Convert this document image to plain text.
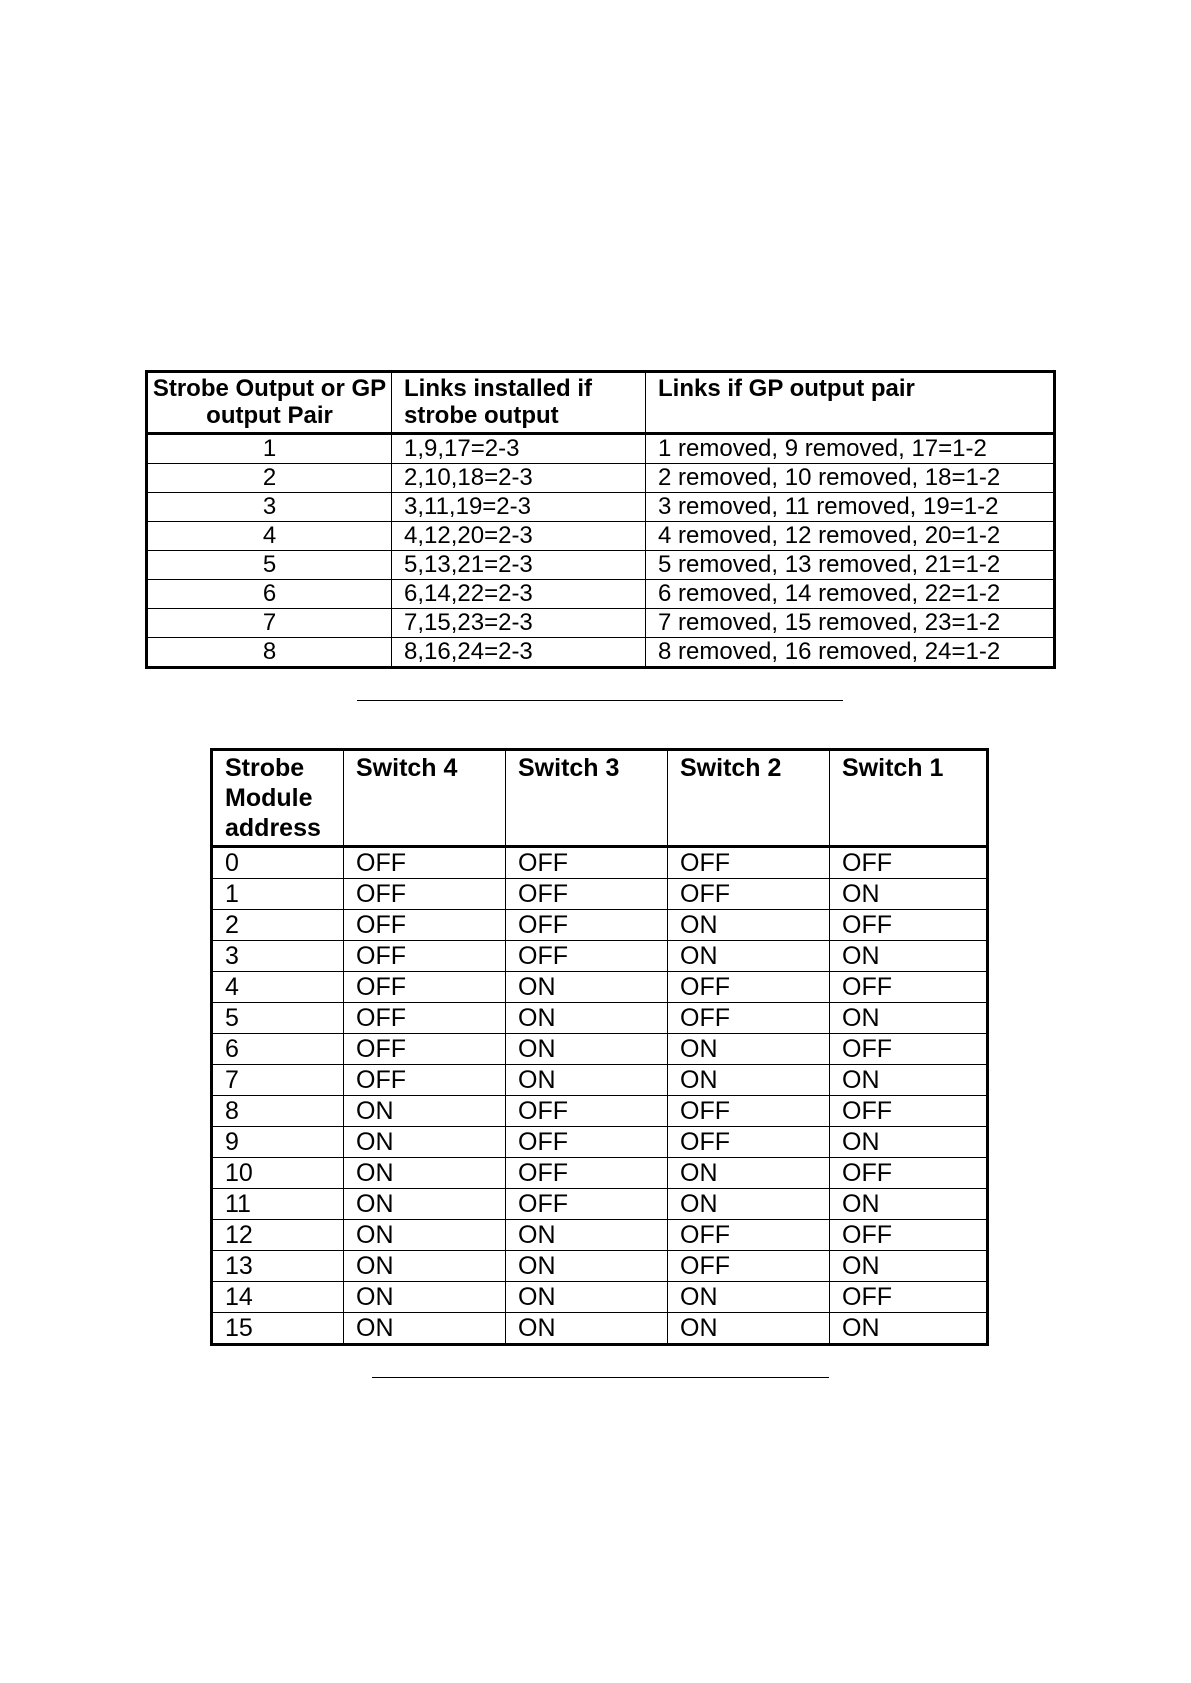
Strobe Output or GP output Pair	Links installed if strobe output	Links if GP output pair
1	1,9,17=2-3	1 removed, 9 removed, 17=1-2
2	2,10,18=2-3	2 removed, 10 removed, 18=1-2
3	3,11,19=2-3	3 removed, 11 removed, 19=1-2
4	4,12,20=2-3	4 removed, 12 removed, 20=1-2
5	5,13,21=2-3	5 removed, 13 removed, 21=1-2
6	6,14,22=2-3	6 removed, 14 removed, 22=1-2
7	7,15,23=2-3	7 removed, 15 removed, 23=1-2
8	8,16,24=2-3	8 removed, 16 removed, 24=1-2
Strobe Module address	Switch 4	Switch 3	Switch 2	Switch 1
0	OFF	OFF	OFF	OFF
1	OFF	OFF	OFF	ON
2	OFF	OFF	ON	OFF
3	OFF	OFF	ON	ON
4	OFF	ON	OFF	OFF
5	OFF	ON	OFF	ON
6	OFF	ON	ON	OFF
7	OFF	ON	ON	ON
8	ON	OFF	OFF	OFF
9	ON	OFF	OFF	ON
10	ON	OFF	ON	OFF
11	ON	OFF	ON	ON
12	ON	ON	OFF	OFF
13	ON	ON	OFF	ON
14	ON	ON	ON	OFF
15	ON	ON	ON	ON
